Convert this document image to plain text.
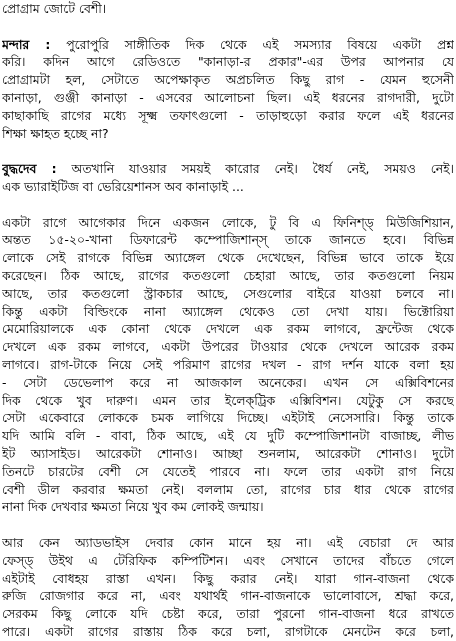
প্রোগ্রাম জোটে বেশী।
মন্দার : পুরোপুরি সাঙ্গীতিক দিক থেকে এই সমস্যার বিষয়ে একটা প্রশ্ন
করি। কদিন আগে রেডিওতে "কানাড়া-র প্রকার"-এর উপর আপনার যে
প্রোগ্রামটা হল, সেটাতে অপেক্ষাকৃত অপ্রচলিত কিছু রাগ - যেমন হুসেনী
কানাড়া, গুঞ্জী কানাড়া - এসবের আলোচনা ছিল। এই ধরনের রাগদারী, দুটো
কাছাকাছি রাগের মধ্যে সূক্ষ্ম তফাৎগুলো - তাড়াহুড়ো করার ফলে এই ধরনের
শিক্ষা ক্ষাহত হচ্ছে না?
বুদ্ধদেব : অতখানি যাওয়ার সময়ই কারোর নেই। ধৈর্য নেই, সময়ও নেই।
এক ভ্যারাইটিজ বা ভেরিয়েশানস অব কানাড়াই ...
একটা রাগে আগেকার দিনে একজন লোকে, টু বি এ ফিনিশ্‌ড্‌ মিউজিশিয়ান,
অন্তত ১৫-২০-খানা ডিফারেন্ট কম্পোজিশান্স্ তাকে জানতে হবে। বিভিন্ন
লোকে সেই রাগকে বিভিন্ন অ্যাঙ্গেল থেকে দেখেছেন, বিভিন্ন ভাবে তাকে ইয়ে
করেছেন। ঠিক আছে, রাগের কতগুলো চেহারা আছে, তার কতগুলো নিয়ম
আছে, তার কতগুলো স্ট্রাকচার আছে, সেগুলোর বাইরে যাওয়া চলবে না।
কিন্তু একটা বিল্ডিংকে নানা অ্যাঙ্গেল থেকেও তো দেখা যায়। ভিক্টোরিয়া
মেমোরিয়ালকে এক কোনা থেকে দেখলে এক রকম লাগবে, ফ্রন্টেজ থেকে
দেখলে এক রকম লাগবে, একটা উপরের টাওয়ার থেকে দেখলে আরেক রকম
লাগবে। রাগ-টাকে নিয়ে সেই পরিমাণ রাগের দখল - রাগ দর্শন যাকে বলা হয়
- সেটা ডেভেলাপ করে না আজকাল অনেকের। এখন সে এক্সিবিশনের
দিক থেকে খুব দারুণ। এমন তার ইলেক্‌ট্রিক এক্সিবিশন। যেটুকু সে করছে
সেটা একেবারে লোককে চমক লাগিয়ে দিচ্ছে। এইটাই নেসেসারি। কিন্তু তাকে
যদি আমি বলি - বাবা, ঠিক আছে, এই যে দুটি কম্পোজিশানটা বাজাচ্ছ, লীভ
ইট অ্যাসাইড। আরেকটা শোনাও। আচ্ছা শুনলাম, আরেকটা শোনাও। দুটো
তিনটে চারটের বেশী সে যেতেই পারবে না। ফলে তার একটা রাগ নিয়ে
বেশী ডীল করবার ক্ষমতা নেই। বললাম তো, রাগের চার ধার থেকে রাগের
নানা দিক দেখবার ক্ষমতা নিয়ে খুব কম লোকই জন্মায়।
আর কেন অ্যাডভাইস দেবার কোন মানে হয় না। এই বেচারা দে আর
ফেস্‌ড্‌ উইথ এ টেরিফিক কম্পিটিশন। এবং সেখানে তাদের বাঁচতে গেলে
এইটাই বোধহয় রাস্তা এখন। কিছু করার নেই। যারা গান-বাজনা থেকে
রুজি রোজগার করে না, এবং যথার্থই গান-বাজনাকে ভালোবাসে, শ্রদ্ধা করে,
সেরকম কিছু লোকে যদি চেষ্টা করে, তারা পুরনো গান-বাজনা ধরে রাখতে
পারে। একটা রাগের রাস্তায় ঠিক করে চলা, রাগটাকে মেনটেন করে চলা,
